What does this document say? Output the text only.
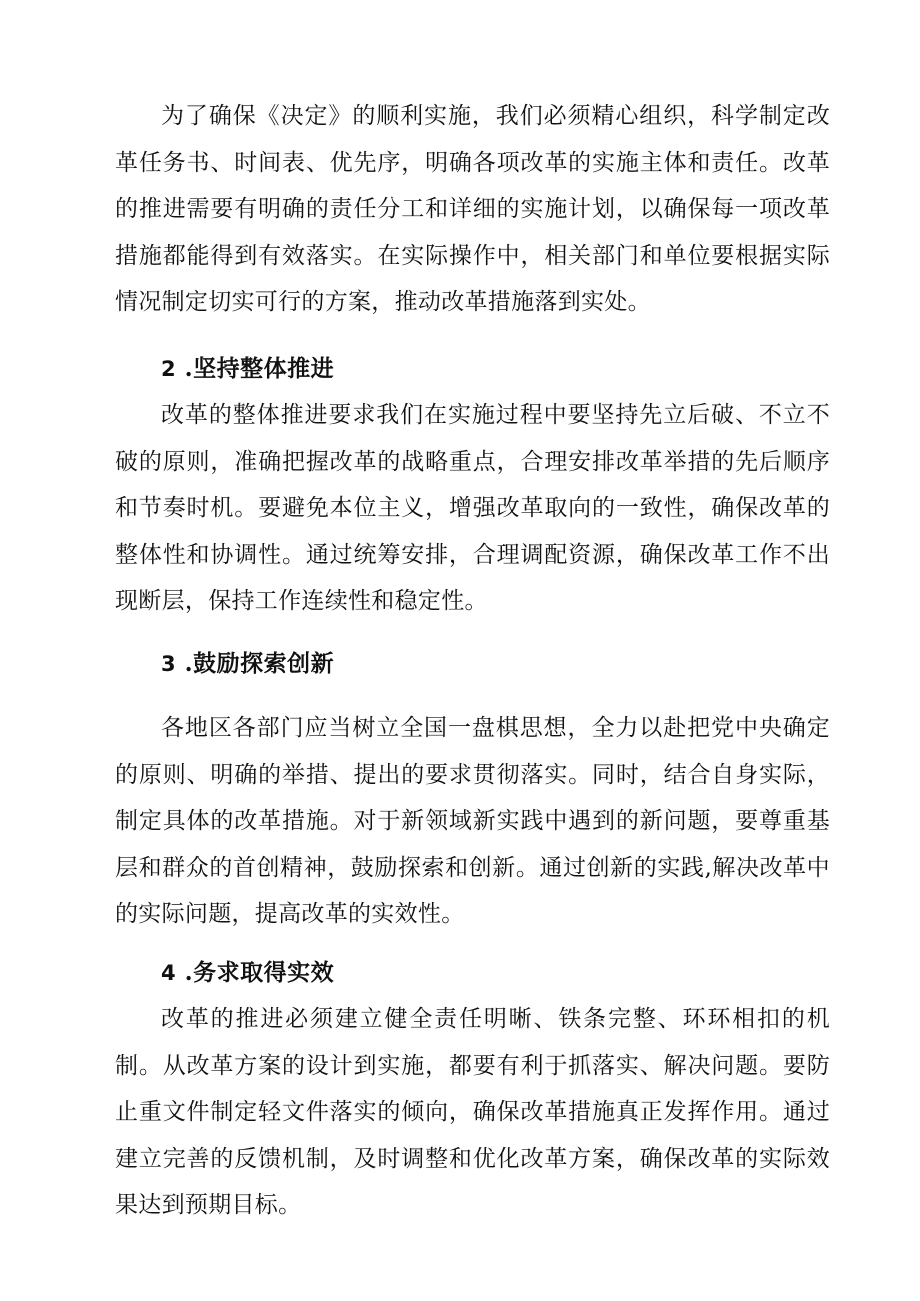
为了确保《决定》的顺利实施，我们必须精心组织，科学制定改革任务书、时间表、优先序，明确各项改革的实施主体和责任。改革的推进需要有明确的责任分工和详细的实施计划，以确保每一项改革措施都能得到有效落实。在实际操作中，相关部门和单位要根据实际情况制定切实可行的方案，推动改革措施落到实处。

2 .坚持整体推进

改革的整体推进要求我们在实施过程中要坚持先立后破、不立不破的原则，准确把握改革的战略重点，合理安排改革举措的先后顺序和节奏时机。要避免本位主义，增强改革取向的一致性，确保改革的整体性和协调性。通过统筹安排，合理调配资源，确保改革工作不出现断层，保持工作连续性和稳定性。

3 .鼓励探索创新

各地区各部门应当树立全国一盘棋思想，全力以赴把党中央确定的原则、明确的举措、提出的要求贯彻落实。同时，结合自身实际，制定具体的改革措施。对于新领域新实践中遇到的新问题，要尊重基层和群众的首创精神，鼓励探索和创新。通过创新的实践,解决改革中的实际问题，提高改革的实效性。

4 .务求取得实效

改革的推进必须建立健全责任明晰、铁条完整、环环相扣的机制。从改革方案的设计到实施，都要有利于抓落实、解决问题。要防止重文件制定轻文件落实的倾向，确保改革措施真正发挥作用。通过建立完善的反馈机制，及时调整和优化改革方案，确保改革的实际效果达到预期目标。
